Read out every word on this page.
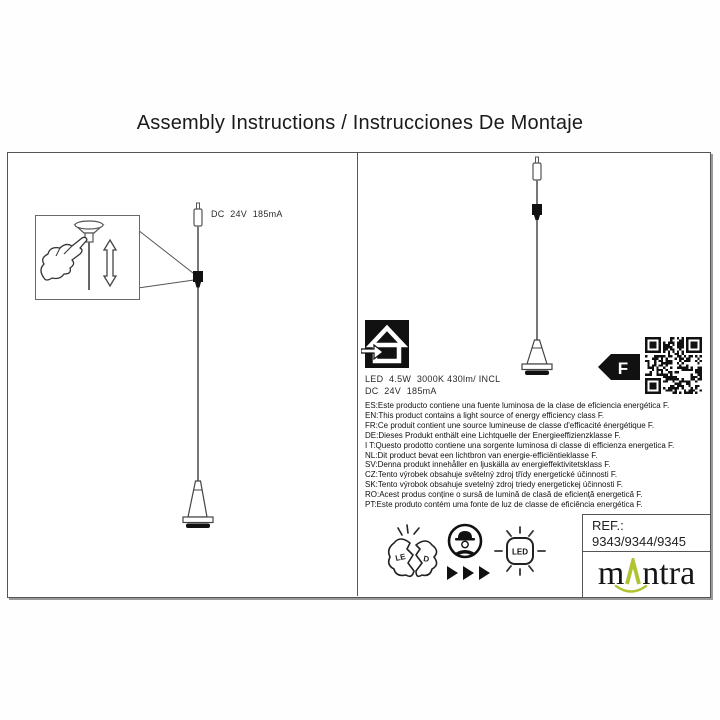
Assembly Instructions / Instrucciones De Montaje
DC  24V  185mA
LED  4.5W  3000K 430lm/ INCL
DC  24V  185mA
ES:Este producto contiene una fuente luminosa de la clase de eficiencia energética F.
EN:This product contains a light source of energy efficiency class F.
FR:Ce produit contient une source lumineuse de classe d'efficacité énergétique F.
DE:Dieses Produkt enthält eine Lichtquelle der Energieeffizienzklasse F.
I T:Questo prodotto contiene una sorgente luminosa di classe di efficienza energetica F.
NL:Dit product bevat een lichtbron van energie-efficiëntieklasse F.
SV:Denna produkt innehåller en ljuskälla av energieffektivitetsklass F.
CZ:Tento výrobek obsahuje světelný zdroj třídy energetické účinnosti F.
SK:Tento výrobok obsahuje svetelný zdroj triedy energetickej účinnosti F.
RO:Acest produs conține o sursă de lumină de clasă de eficiență energetică F.
PT:Este produto contém uma fonte de luz de classe de eficiência energética F.
F
LE D
LED
REF.:
9343/9344/9345
m ntra
